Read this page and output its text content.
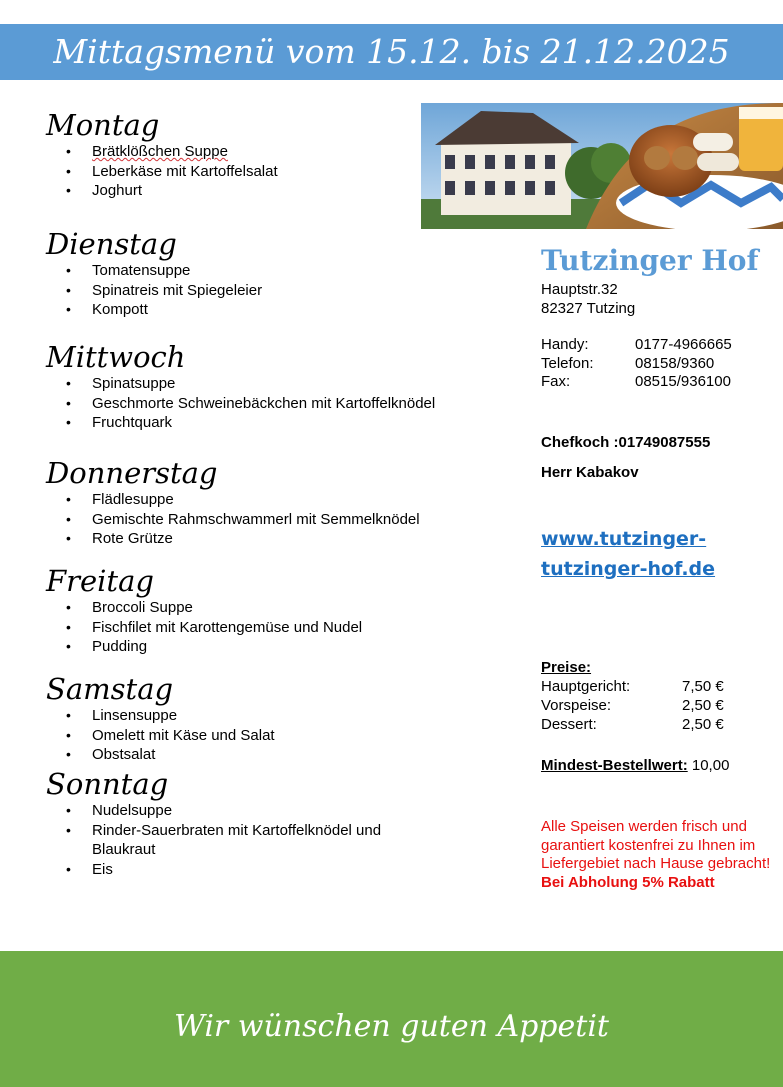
Mittagsmenü vom 15.12. bis 21.12.2025
Montag
• Brätklößchen Suppe
• Leberkäse mit Kartoffelsalat
• Joghurt
Dienstag
• Tomatensuppe
• Spinatreis mit Spiegeleier
• Kompott
Mittwoch
• Spinatsuppe
• Geschmorte Schweinebäckchen mit Kartoffelknödel
• Fruchtquark
Donnerstag
• Flädlesuppe
• Gemischte Rahmschwammerl mit Semmelknödel
• Rote Grütze
Freitag
• Broccoli Suppe
• Fischfilet mit Karottengemüse und Nudel
• Pudding
Samstag
• Linsensuppe
• Omelett mit Käse und Salat
• Obstsalat
Sonntag
• Nudelsuppe
• Rinder-Sauerbraten mit Kartoffelknödel und Blaukraut
• Eis
Tutzinger Hof
Hauptstr.32
82327 Tutzing
Handy:	0177-4966665
Telefon:	08158/9360
Fax:	08515/936100
Chefkoch :01749087555
Herr Kabakov
www.tutzinger-
tutzinger-hof.de
Preise:
Hauptgericht:	7,50 €
Vorspeise:	2,50 €
Dessert:	2,50 €
Mindest-Bestellwert: 10,00
Alle Speisen werden frisch und garantiert kostenfrei zu Ihnen im Liefergebiet nach Hause gebracht! Bei Abholung 5% Rabatt
Wir wünschen guten Appetit
